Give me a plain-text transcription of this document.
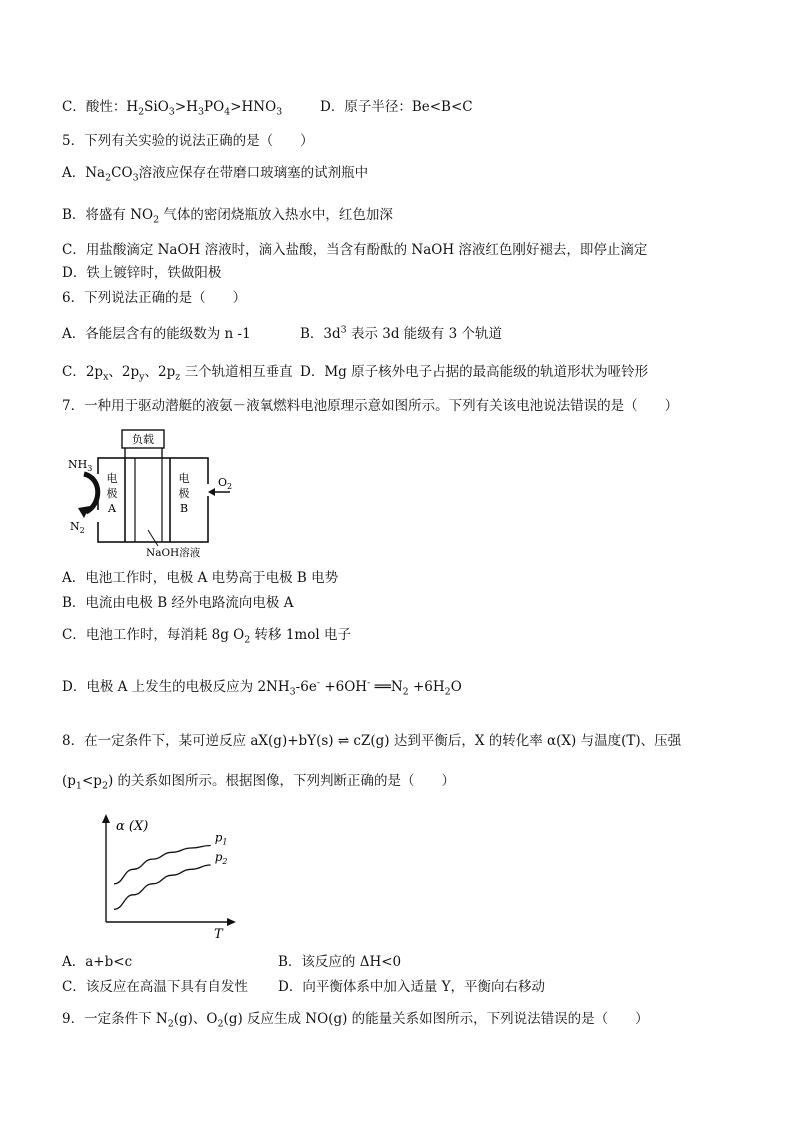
C．酸性：$H_2SiO_3>H_3PO_4>HNO_3$	D．原子半径：Be<B<C
5．下列有关实验的说法正确的是（　　）
A．$Na_2CO_3$溶液应保存在带磨口玻璃塞的试剂瓶中
B．将盛有 $NO_2$ 气体的密闭烧瓶放入热水中，红色加深
C．用盐酸滴定 NaOH 溶液时，滴入盐酸，当含有酚酞的 NaOH 溶液红色刚好褪去，即停止滴定
D．铁上镀锌时，铁做阳极
6．下列说法正确的是（　　）
A．各能层含有的能级数为 n -1	B．$3d^3$ 表示 3d 能级有 3 个轨道
C．$2p_x$、$2p_y$、$2p_z$ 三个轨道相互垂直 D．Mg 原子核外电子占据的最高能级的轨道形状为哑铃形
7．一种用于驱动潜艇的液氨－液氧燃料电池原理示意如图所示。下列有关该电池说法错误的是（　　）
负载
电
极
A
电
极
B
$NH_3$
$N_2$
$O_2$
NaOH溶液
A．电池工作时，电极 A 电势高于电极 B 电势
B．电流由电极 B 经外电路流向电极 A
C．电池工作时，每消耗 8g $O_2$ 转移 1mol 电子
D．电极 A 上发生的电极反应为 $2NH_3-6e^- +6OH^-$ $══N_2 +6H_2O$
8．在一定条件下，某可逆反应 aX(g)+bY(s) ⇌ cZ(g) 达到平衡后，X 的转化率 α(X) 与温度(T)、压强
$(p_1<p_2)$ 的关系如图所示。根据图像，下列判断正确的是（　　）
α (X)
T
$p_1$
$p_2$
A．a+b<c	B．该反应的 ΔH<0
C．该反应在高温下具有自发性 D．向平衡体系中加入适量 Y，平衡向右移动
9．一定条件下 $N_2(g)$、$O_2(g)$ 反应生成 NO(g) 的能量关系如图所示，下列说法错误的是（　　）
